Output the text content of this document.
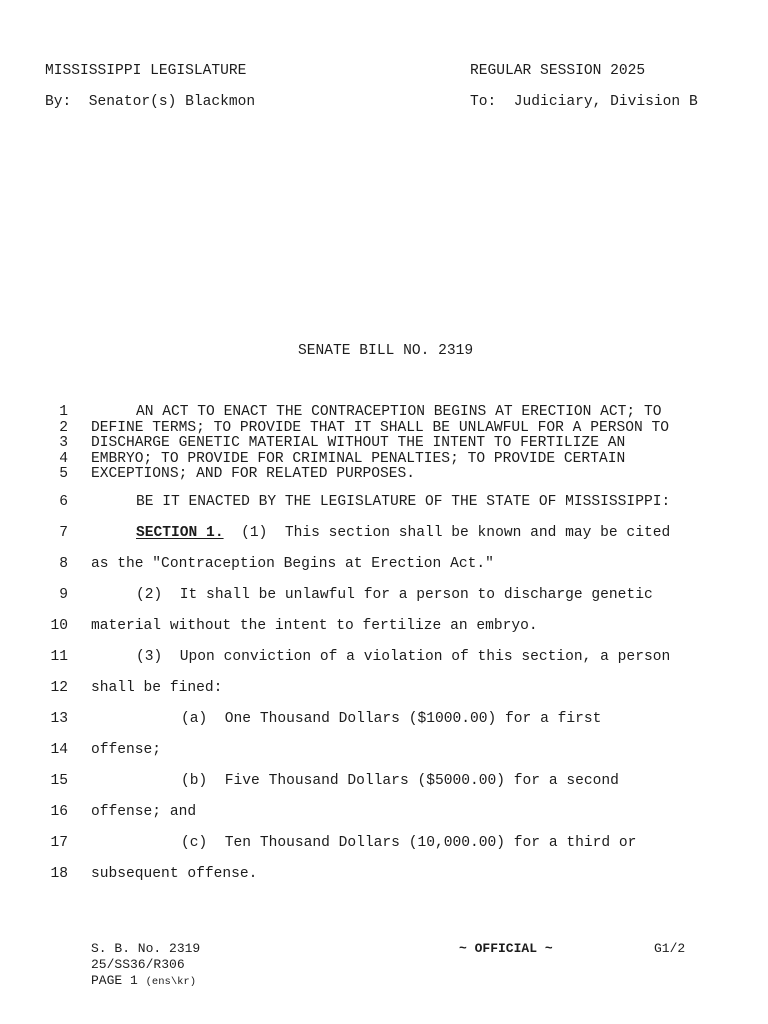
MISSISSIPPI LEGISLATURE	REGULAR SESSION 2025
By:  Senator(s) Blackmon	To:  Judiciary, Division B
SENATE BILL NO. 2319
1	AN ACT TO ENACT THE CONTRACEPTION BEGINS AT ERECTION ACT; TO
2 DEFINE TERMS; TO PROVIDE THAT IT SHALL BE UNLAWFUL FOR A PERSON TO
3 DISCHARGE GENETIC MATERIAL WITHOUT THE INTENT TO FERTILIZE AN
4 EMBRYO; TO PROVIDE FOR CRIMINAL PENALTIES; TO PROVIDE CERTAIN
5 EXCEPTIONS; AND FOR RELATED PURPOSES.
6	BE IT ENACTED BY THE LEGISLATURE OF THE STATE OF MISSISSIPPI:
7	SECTION 1.  (1)  This section shall be known and may be cited
8 as the "Contraception Begins at Erection Act."
9	(2)  It shall be unlawful for a person to discharge genetic
10 material without the intent to fertilize an embryo.
11	(3)  Upon conviction of a violation of this section, a person
12 shall be fined:
13	(a)  One Thousand Dollars ($1000.00) for a first
14 offense;
15	(b)  Five Thousand Dollars ($5000.00) for a second
16 offense; and
17	(c)  Ten Thousand Dollars (10,000.00) for a third or
18 subsequent offense.
S. B. No. 2319	~ OFFICIAL ~	G1/2
25/SS36/R306
PAGE 1 (ens\kr)
